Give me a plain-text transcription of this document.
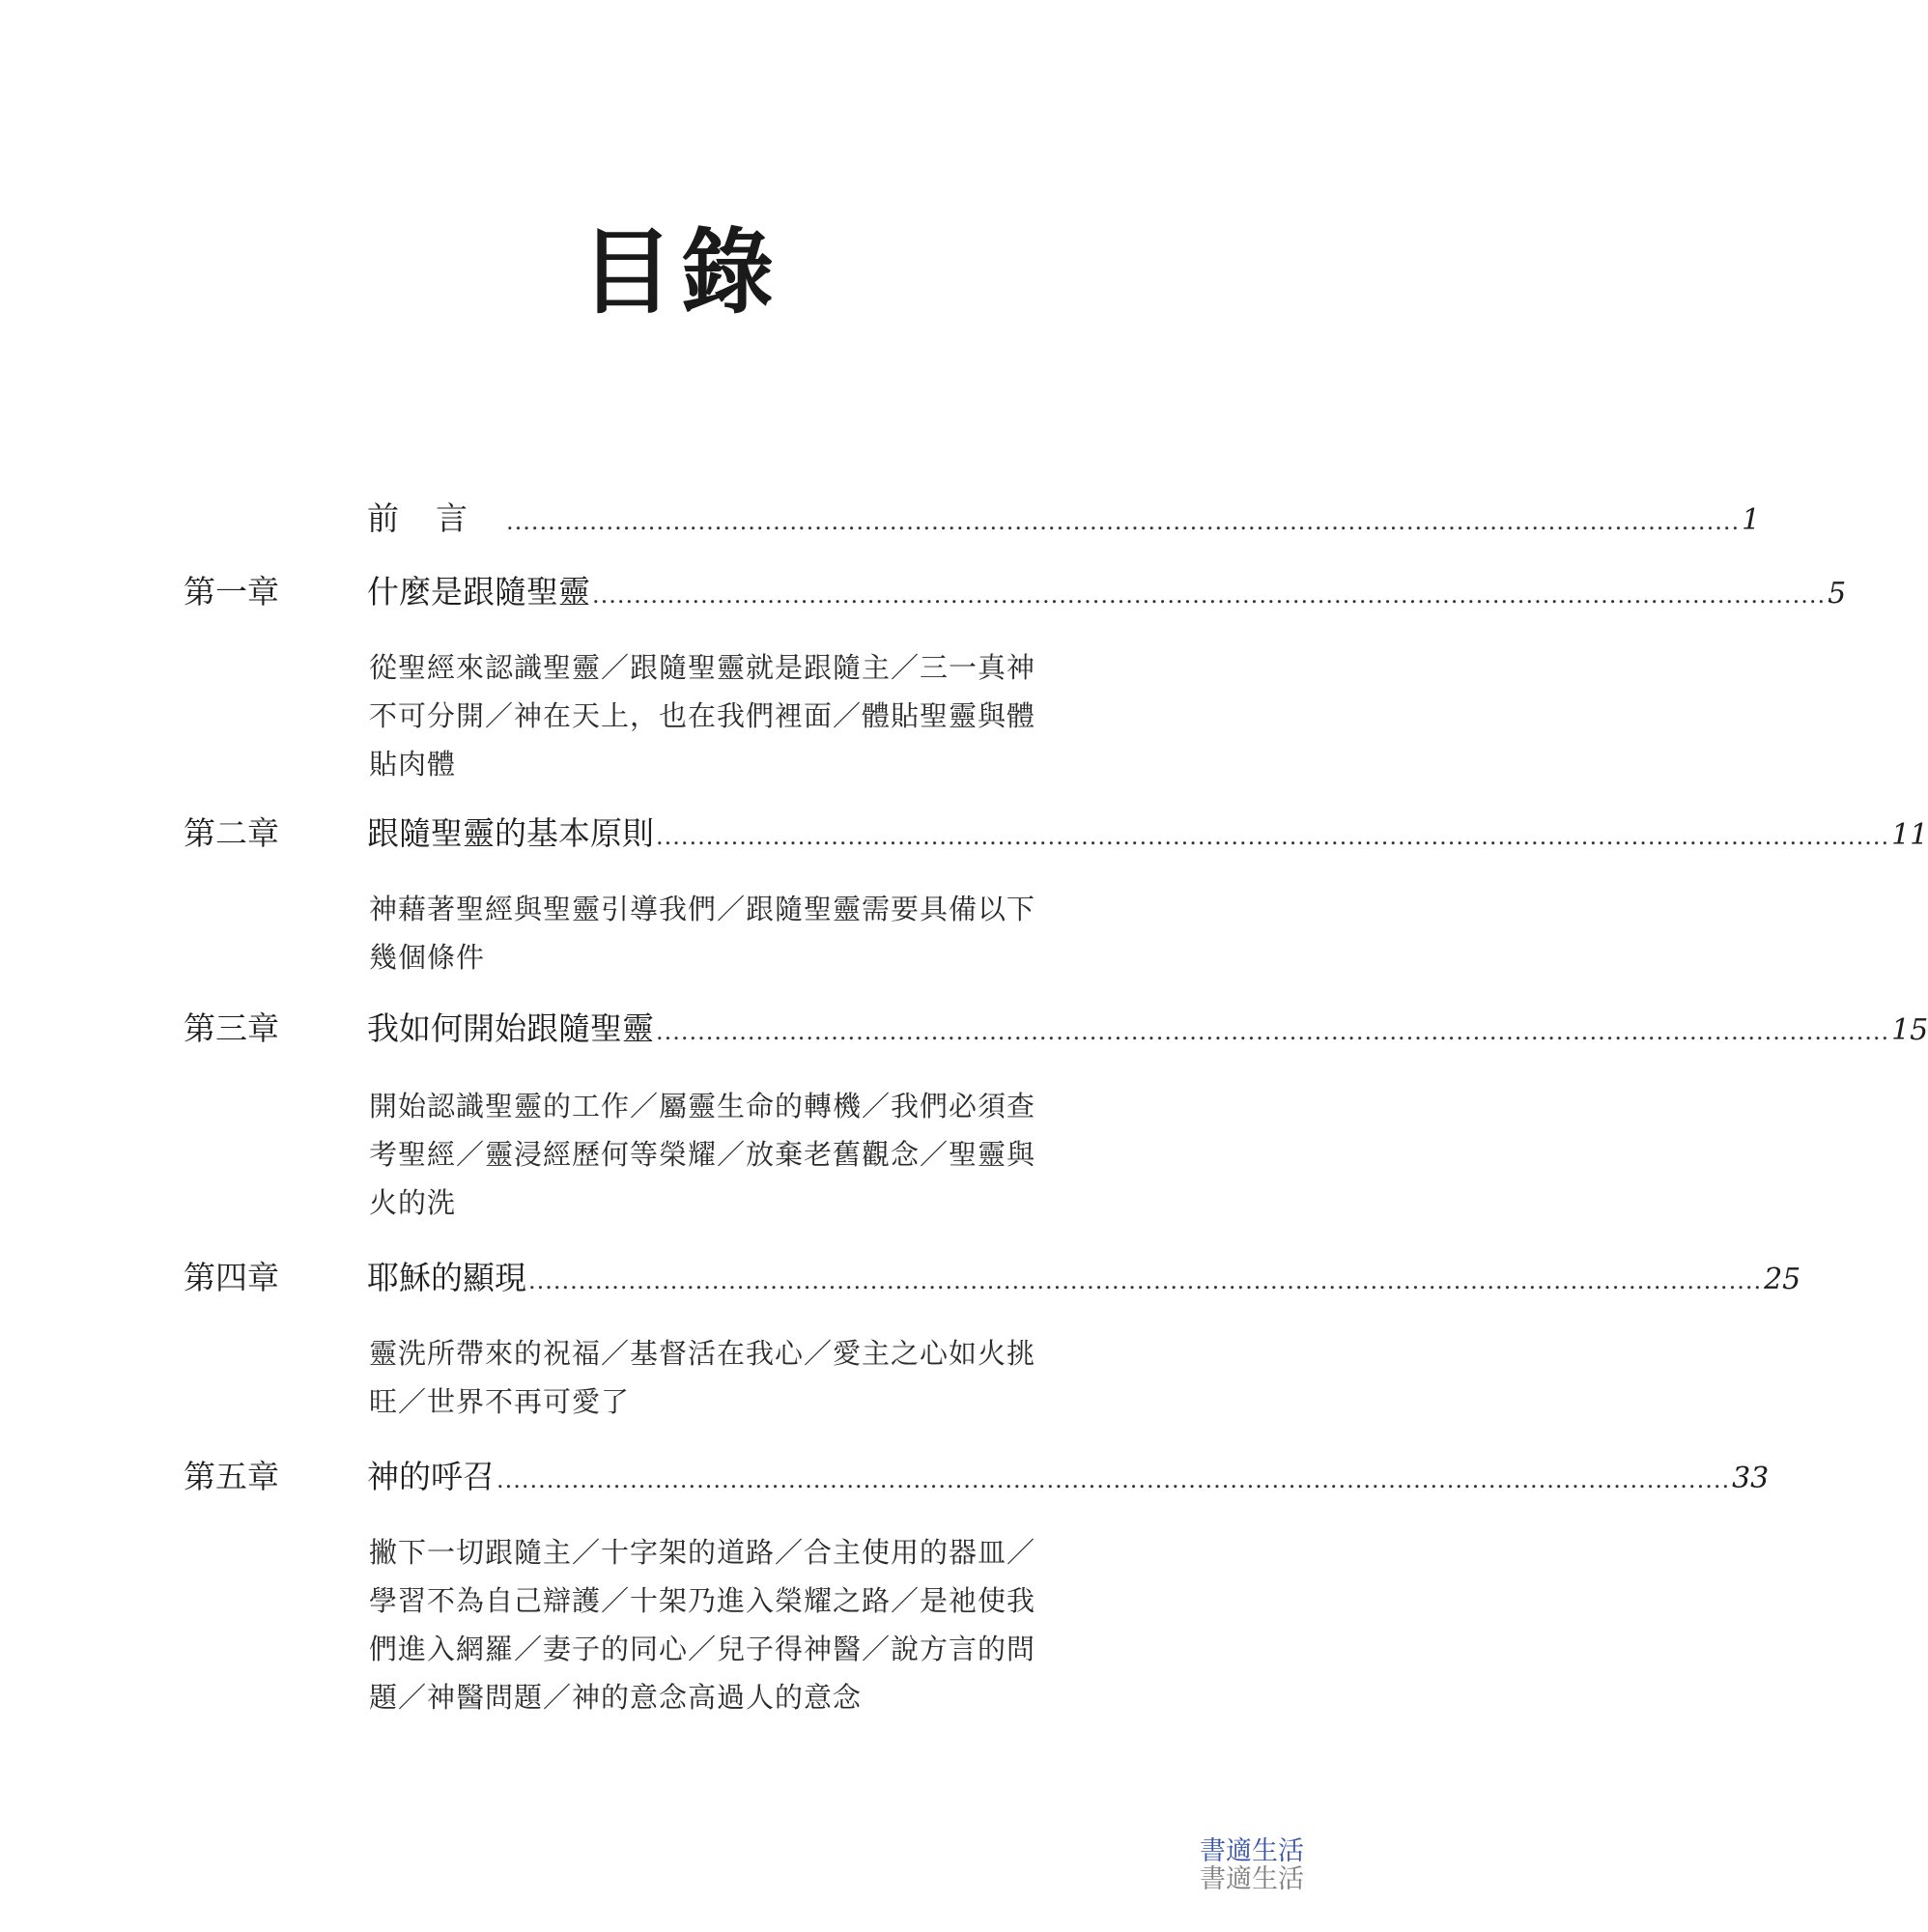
目錄
前言 .................................................................................................................................................... 1
第一章	什麼是跟隨聖靈 .................................................................................................................................................... 5
從聖經來認識聖靈／跟隨聖靈就是跟隨主／三一真神
不可分開／神在天上，也在我們裡面／體貼聖靈與體
貼肉體
第二章	跟隨聖靈的基本原則 .................................................................................................................................................... 11
神藉著聖經與聖靈引導我們／跟隨聖靈需要具備以下
幾個條件
第三章	我如何開始跟隨聖靈 .................................................................................................................................................... 15
開始認識聖靈的工作／屬靈生命的轉機／我們必須查
考聖經／靈浸經歷何等榮耀／放棄老舊觀念／聖靈與
火的洗
第四章	耶穌的顯現 .................................................................................................................................................... 25
靈洗所帶來的祝福／基督活在我心／愛主之心如火挑
旺／世界不再可愛了
第五章	神的呼召 .................................................................................................................................................... 33
撇下一切跟隨主／十字架的道路／合主使用的器皿／
學習不為自己辯護／十架乃進入榮耀之路／是祂使我
們進入網羅／妻子的同心／兒子得神醫／說方言的問
題／神醫問題／神的意念高過人的意念
書適生活
書適生活
